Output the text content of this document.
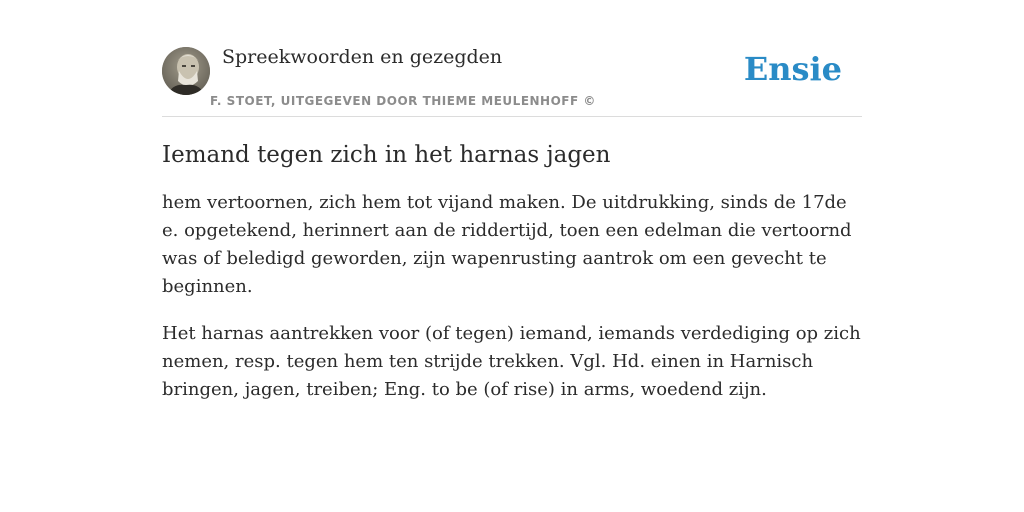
Spreekwoorden en gezegden
F. STOET, UITGEGEVEN DOOR THIEME MEULENHOFF ©
Ensie
Iemand tegen zich in het harnas jagen

hem vertoornen, zich hem tot vijand maken. De uitdrukking, sinds de 17de e. opgetekend, herinnert aan de riddertijd, toen een edelman die vertoornd was of beledigd geworden, zijn wapenrusting aantrok om een gevecht te beginnen.

Het harnas aantrekken voor (of tegen) iemand, iemands verdediging op zich nemen, resp. tegen hem ten strijde trekken. Vgl. Hd. einen in Harnisch bringen, jagen, treiben; Eng. to be (of rise) in arms, woedend zijn.
